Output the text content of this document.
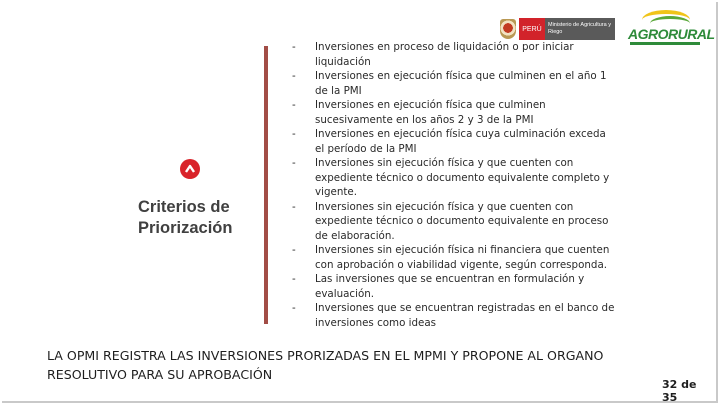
PERÚ
Ministerio de Agricultura y Riego	AGRORURAL
Criterios de Priorización
-	Inversiones en proceso de liquidación o por iniciar liquidación
-	Inversiones en ejecución física que culminen en el año 1 de la PMI
-	Inversiones en ejecución física que culminen sucesivamente en los años 2 y 3 de la PMI
-	Inversiones en ejecución física cuya culminación exceda el período de la PMI
-	Inversiones sin ejecución física y que cuenten con expediente técnico o documento equivalente completo y vigente.
-	Inversiones sin ejecución física y que cuenten con expediente técnico o documento equivalente en proceso de elaboración.
-	Inversiones sin ejecución física ni financiera que cuenten con aprobación o viabilidad vigente, según corresponda.
-	Las inversiones que se encuentran en formulación y evaluación.
-	Inversiones que se encuentran registradas en el banco de inversiones como ideas
LA OPMI REGISTRA LAS INVERSIONES PRORIZADAS EN EL MPMI Y PROPONE AL ORGANO RESOLUTIVO PARA SU APROBACIÓN
32 de 35
